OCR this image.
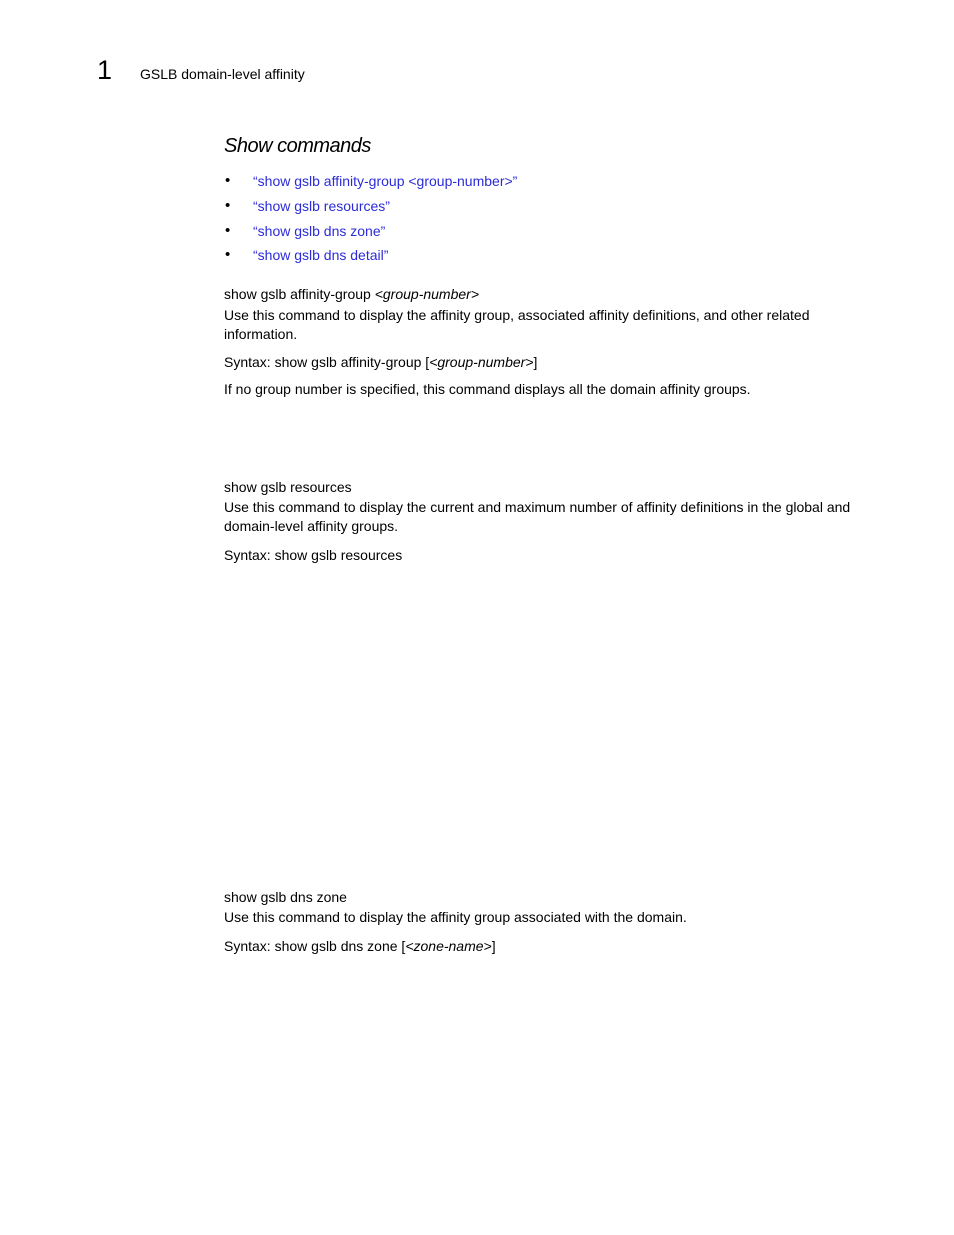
1 GSLB domain-level affinity
Show commands
• “show gslb affinity-group <group-number>”
• “show gslb resources”
• “show gslb dns zone”
• “show gslb dns detail”
show gslb affinity-group <group-number>
Use this command to display the affinity group, associated affinity definitions, and other related information.
Syntax: show gslb affinity-group [<group-number>]
If no group number is specified, this command displays all the domain affinity groups.
show gslb resources
Use this command to display the current and maximum number of affinity definitions in the global and domain-level affinity groups.
Syntax: show gslb resources
show gslb dns zone
Use this command to display the affinity group associated with the domain.
Syntax: show gslb dns zone [<zone-name>]
